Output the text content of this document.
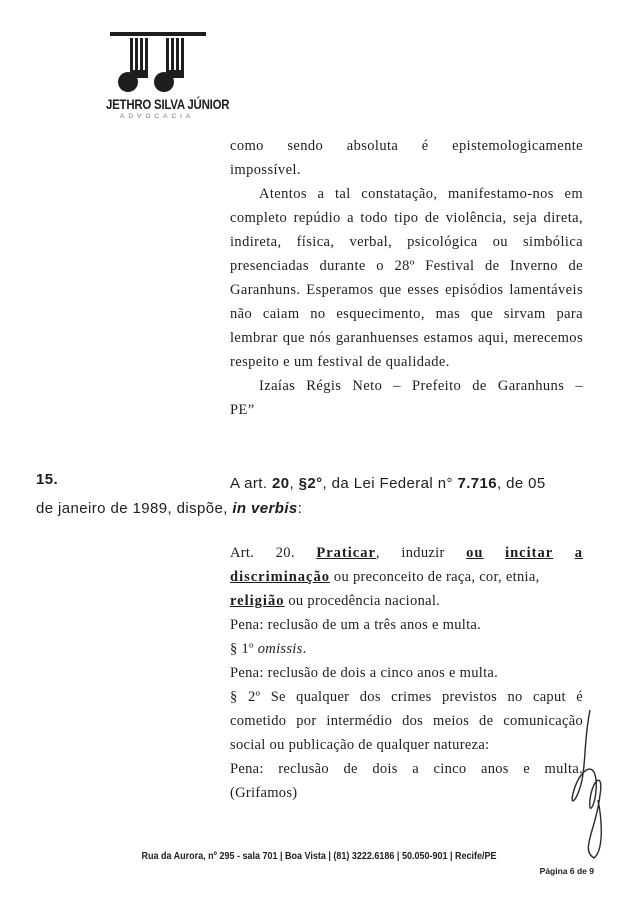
JETHRO SILVA JÚNIOR
ADVOCACIA

como sendo absoluta é epistemologicamente

impossível.

Atentos a tal constatação, manifestamo-nos em completo repúdio a todo tipo de violência, seja direta, indireta, física, verbal, psicológica ou simbólica presenciadas durante o 28º Festival de Inverno de Garanhuns. Esperamos que esses episódios lamentáveis não caiam no esquecimento, mas que sirvam para lembrar que nós garanhuenses estamos aqui, merecemos respeito e um festival de qualidade.

Izaías Régis Neto – Prefeito de Garanhuns –

PE”

15.	A art. 20, §2°, da Lei Federal n° 7.716, de 05
de janeiro de 1989, dispõe, in verbis:

Art. 20. Praticar, induzir ou incitar a

discriminação ou preconceito de raça, cor, etnia,

religião ou procedência nacional.

Pena: reclusão de um a três anos e multa.

§ 1º omissis.

Pena: reclusão de dois a cinco anos e multa.

§ 2º Se qualquer dos crimes previstos no caput é cometido por intermédio dos meios de comunicação social ou publicação de qualquer natureza:

Pena: reclusão de dois a cinco anos e multa.

(Grifamos)

Rua da Aurora, nº 295 - sala 701 | Boa Vista | (81) 3222.6186 | 50.050-901 | Recife/PE
Página 6 de 9
